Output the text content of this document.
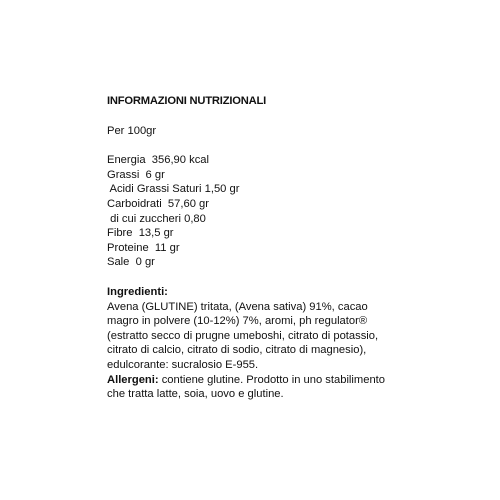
INFORMAZIONI NUTRIZIONALI
Per 100gr
Energia  356,90 kcal
Grassi  6 gr
Acidi Grassi Saturi 1,50 gr
Carboidrati  57,60 gr
di cui zuccheri 0,80
Fibre  13,5 gr
Proteine  11 gr
Sale  0 gr
Ingredienti:
Avena (GLUTINE) tritata, (Avena sativa) 91%, cacao magro in polvere (10-12%) 7%, aromi, ph regulator® (estratto secco di prugne umeboshi, citrato di potassio, citrato di calcio, citrato di sodio, citrato di magnesio), edulcorante: sucralosio E-955.
Allergeni: contiene glutine. Prodotto in uno stabilimento che tratta latte, soia, uovo e glutine.
